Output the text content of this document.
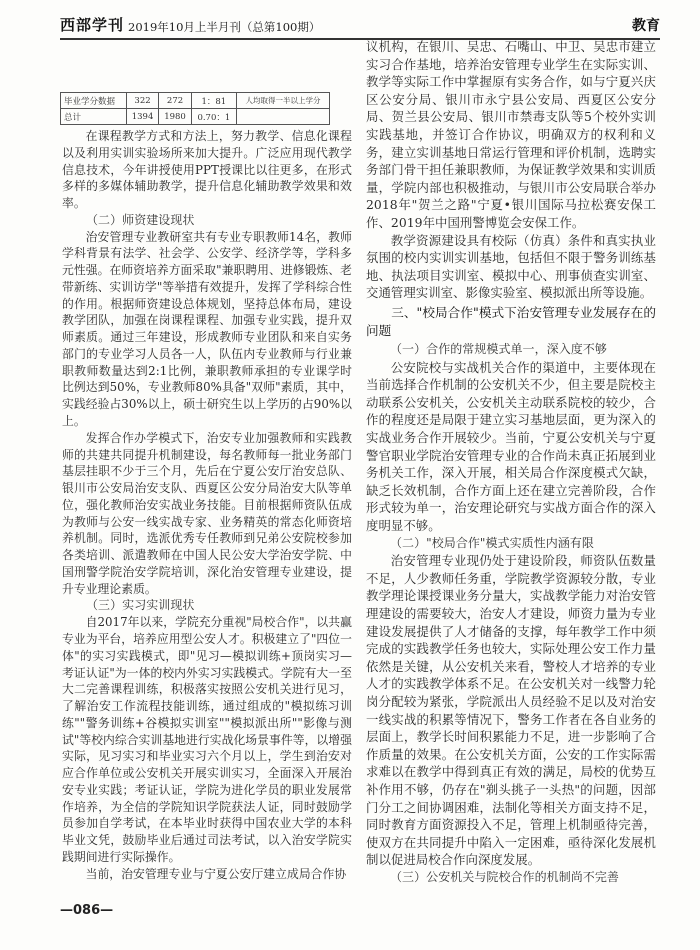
西部学刊 2019年10月上半月刊（总第100期）	教育
毕业学分数据	322	272	1：81	人均取得一半以上学分
总计	1394	1980	0.70：1	

在课程教学方式和方法上，努力教学、信息化课程以及利用实训实验场所来加大提升。广泛应用现代教学信息技术，今年讲授使用PPT授课比以往更多，在形式多样的多媒体辅助教学，提升信息化辅助教学效果和效率。

（二）师资建设现状

治安管理专业教研室共有专业专职教师14名，教师学科背景有法学、社会学、公安学、经济学等，学科多元性强。在师资培养方面采取"兼职聘用、进修锻炼、老带新练、实训访学"等举措有效提升，发挥了学科综合性的作用。根据师资建设总体规划，坚持总体布局，建设教学团队，加强在岗课程课程、加强专业实践，提升双师素质。通过三年建设，形成教师专业团队和来自实务部门的专业学习人员各一人，队伍内专业教师与行业兼职教师数量达到2:1比例，兼职教师承担的专业课学时比例达到50%，专业教师80%具备"双师"素质，其中，实践经验占30%以上，硕士研究生以上学历的占90%以上。

发挥合作办学模式下，治安专业加强教师和实践教师的共建共同提升机制建设，每名教师每一批业务部门基层挂职不少于三个月，先后在宁夏公安厅治安总队、银川市公安局治安支队、西夏区公安分局治安大队等单位，强化教师治安实战业务技能。目前根据师资队伍成为教师与公安一线实战专家、业务精英的常态化师资培养机制。同时，选派优秀专任教师到兄弟公安院校参加各类培训、派遣教师在中国人民公安大学治安学院、中国刑警学院治安学院培训，深化治安管理专业建设，提升专业理论素质。

（三）实习实训现状

自2017年以来，学院充分重视"局校合作"，以共赢专业为平台，培养应用型公安人才。积极建立了"四位一体"的实习实践模式，即"见习—模拟训练+顶岗实习—考证认证"为一体的校内外实习实践模式。学院有大一至大二完善课程训练，积极落实按照公安机关进行见习，了解治安工作流程技能训练，通过组成的"模拟练习训练""警务训练+谷模拟实训室""模拟派出所""影像与测试"等校内综合实训基地进行实战化场景事件等，以增强实际，见习实习和毕业实习六个月以上，学生到治安对应合作单位或公安机关开展实训实习，全面深入开展治安专业实践；考证认证，学院为进化学员的职业发展常作培养，为全信的学院知识学院获法人证，同时鼓励学员参加自学考试，在本毕业时获得中国农业大学的本科毕业文凭，鼓励毕业后通过司法考试，以入治安学院实践期间进行实际操作。

当前，治安管理专业与宁夏公安厅建立成局合作协

议机构，在银川、吴忠、石嘴山、中卫、吴忠市建立实习合作基地，培养治安管理专业学生在实际实训、教学等实际工作中掌握原有实务合作，如与宁夏兴庆区公安分局、银川市永宁县公安局、西夏区公安分局、贺兰县公安局、银川市禁毒支队等5个校外实训实践基地，并签订合作协议，明确双方的权利和义务，建立实训基地日常运行管理和评价机制，选聘实务部门骨干担任兼职教师，为保证教学效果和实训质量，学院内部也积极推动，与银川市公安局联合举办2018年"贺兰之路"宁夏•银川国际马拉松赛安保工作、2019年中国刑警博览会安保工作。

教学资源建设具有校际（仿真）条件和真实执业氛围的校内实训实训基地，包括但不限于警务训练基地、执法项目实训室、模拟中心、刑事侦查实训室、交通管理实训室、影像实验室、模拟派出所等设施。

三、"校局合作"模式下治安管理专业发展存在的问题
（一）合作的常规模式单一，深入度不够

公安院校与实战机关合作的渠道中，主要体现在当前选择合作机制的公安机关不少，但主要是院校主动联系公安机关，公安机关主动联系院校的较少，合作的程度还是局限于建立实习基地层面，更为深入的实战业务合作开展较少。当前，宁夏公安机关与宁夏警官职业学院治安管理专业的合作尚未真正拓展到业务机关工作，深入开展，相关局合作深度模式欠缺，缺乏长效机制，合作方面上还在建立完善阶段，合作形式较为单一，治安理论研究与实战方面合作的深入度明显不够。

（二）"校局合作"模式实质性内涵有限

治安管理专业现仍处于建设阶段，师资队伍数量不足，人少教师任务重，学院教学资源较分散，专业教学理论课授课业务分量大，实战教学能力对治安管理建设的需要较大，治安人才建设，师资力量为专业建设发展提供了人才储备的支撑，每年教学工作中须完成的实践教学任务也较大，实际处理公安工作力量依然是关键，从公安机关来看，警校人才培养的专业人才的实践教学体系不足。在公安机关对一线警力轮岗分配较为紧张，学院派出人员经验不足以及对治安一线实战的积累等情况下，警务工作者在各自业务的层面上，教学长时间积累能力不足，进一步影响了合作质量的效果。在公安机关方面，公安的工作实际需求难以在教学中得到真正有效的满足，局校的优势互补作用不够，仍存在"剃头挑子一头热"的问题，因部门分工之间协调困难，法制化等相关方面支持不足，同时教育方面资源投入不足，管理上机制亟待完善，使双方在共同提升中陷入一定困难，亟待深化发展机制以促进局校合作向深度发展。

（三）公安机关与院校合作的机制尚不完善
—086—
